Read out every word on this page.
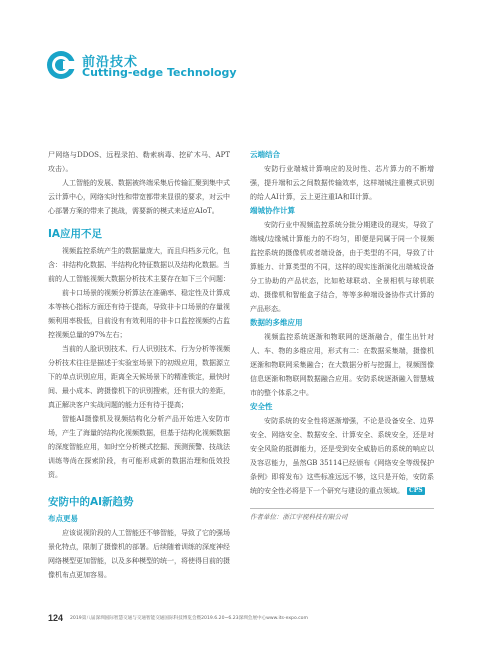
前沿技术
Cutting-edge Technology

尸网络与DDOS、远程录拍、勒索病毒、挖矿木马、APT攻击）。

人工智能的发展、数据被终端采集后传输汇聚到集中式云计算中心，网络实时性和带宽都带来显很的要求，对云中心部署方案的带来了挑战，需要新的模式来适应AIoT。

IA应用不足

视频监控系统产生的数据量庞大，而且归档多元化，包含：非结构化数据、半结构化特征数据以及结构化数据。当前的人工智能视频大数据分析技术主要存在如下三个问题：

前卡口场景的视频分析算法在准确率、稳定性及计算成本等核心指标方面还有待于提高，导致非卡口场景的存量视频利用率极低，目前没有有效利用的非卡口监控视频约占监控视频总量的97%左右；

当前的人脸识别技术、行人识别技术、行为分析等视频分析技术往往是描述于实验室场景下的初级应用，数据源立下的单点识别应用，距离全天候场景下的精准锁定，最快时间、最小成本、跨摄像机下的识别搜索，还有很大的差距，真正解决客户实战问题的能力还有待于提高；

智能AI摄像机及视频结构化分析产品开始进入安防市场，产生了海量的结构化视频数据，但基于结构化视频数据的深度智能应用，如时空分析模式挖掘、预测预警、技战法训练等尚在探索阶段，有可能形成新的数据治理和低效投资。

安防中的AI新趋势
布点更易

应该说视阶段的人工智能还不够智能，导致了它的强场景化特点，限制了摄像机的部署。后续随着训练的深度神经网络模型更加智能，以及多种模型的统一，将使得目前的摄像机布点更加容易。

云端结合

安防行业端城计算响应的及时性、芯片算力的不断增强，提升端和云之间数据传输效率，这样端城注重模式识别的给人AI计算，云上更注重IA和II计算。

端城协作计算

安防行业中视频监控系统分批分期建设的现实，导致了端城/边缘城计算能力的不均匀，即便是同属于同一个视频监控系统的摄像机或者端设备，由于类型的不同，导致了计算能力、计算类型的不同，这样的现实连渐演化出端城设备分工协助的产品状态，比如枪球联动、全景相机与球机联动、摄像机和智能盒子结合，等等多种端设备协作式计算的产品形态。

数据的多维应用

视频监控系统逐渐和物联网的逐渐融合，催生出针对人、车、物的多维应用，形式有二：在数据采集端，摄像机逐渐和物联网采集融合；在大数据分析与挖掘上，视频图像信息逐渐和物联网数据融合应用。安防系统逐渐融入智慧城市的整个体系之中。

安全性

安防系统的安全性将逐渐增强，不论是设备安全、边界安全、网络安全、数据安全、计算安全、系统安全，还是对安全风险的抵御能力，还是受到安全威胁后的系统的响应以及容忍能力，虽然GB 35114已经颁布《网络安全等级保护条例》即将发布》这些标准远远不够，这只是开始，安防系统的安全性必将是下一个研究与建设的重点领域。 CPS

作者单位：浙江宇视科技有限公司
124 2019第八届深圳国际智慧交通与交通智能交通国际科技博览会暨2019.6.20~6.23深圳会展中心www.its-expo.com
